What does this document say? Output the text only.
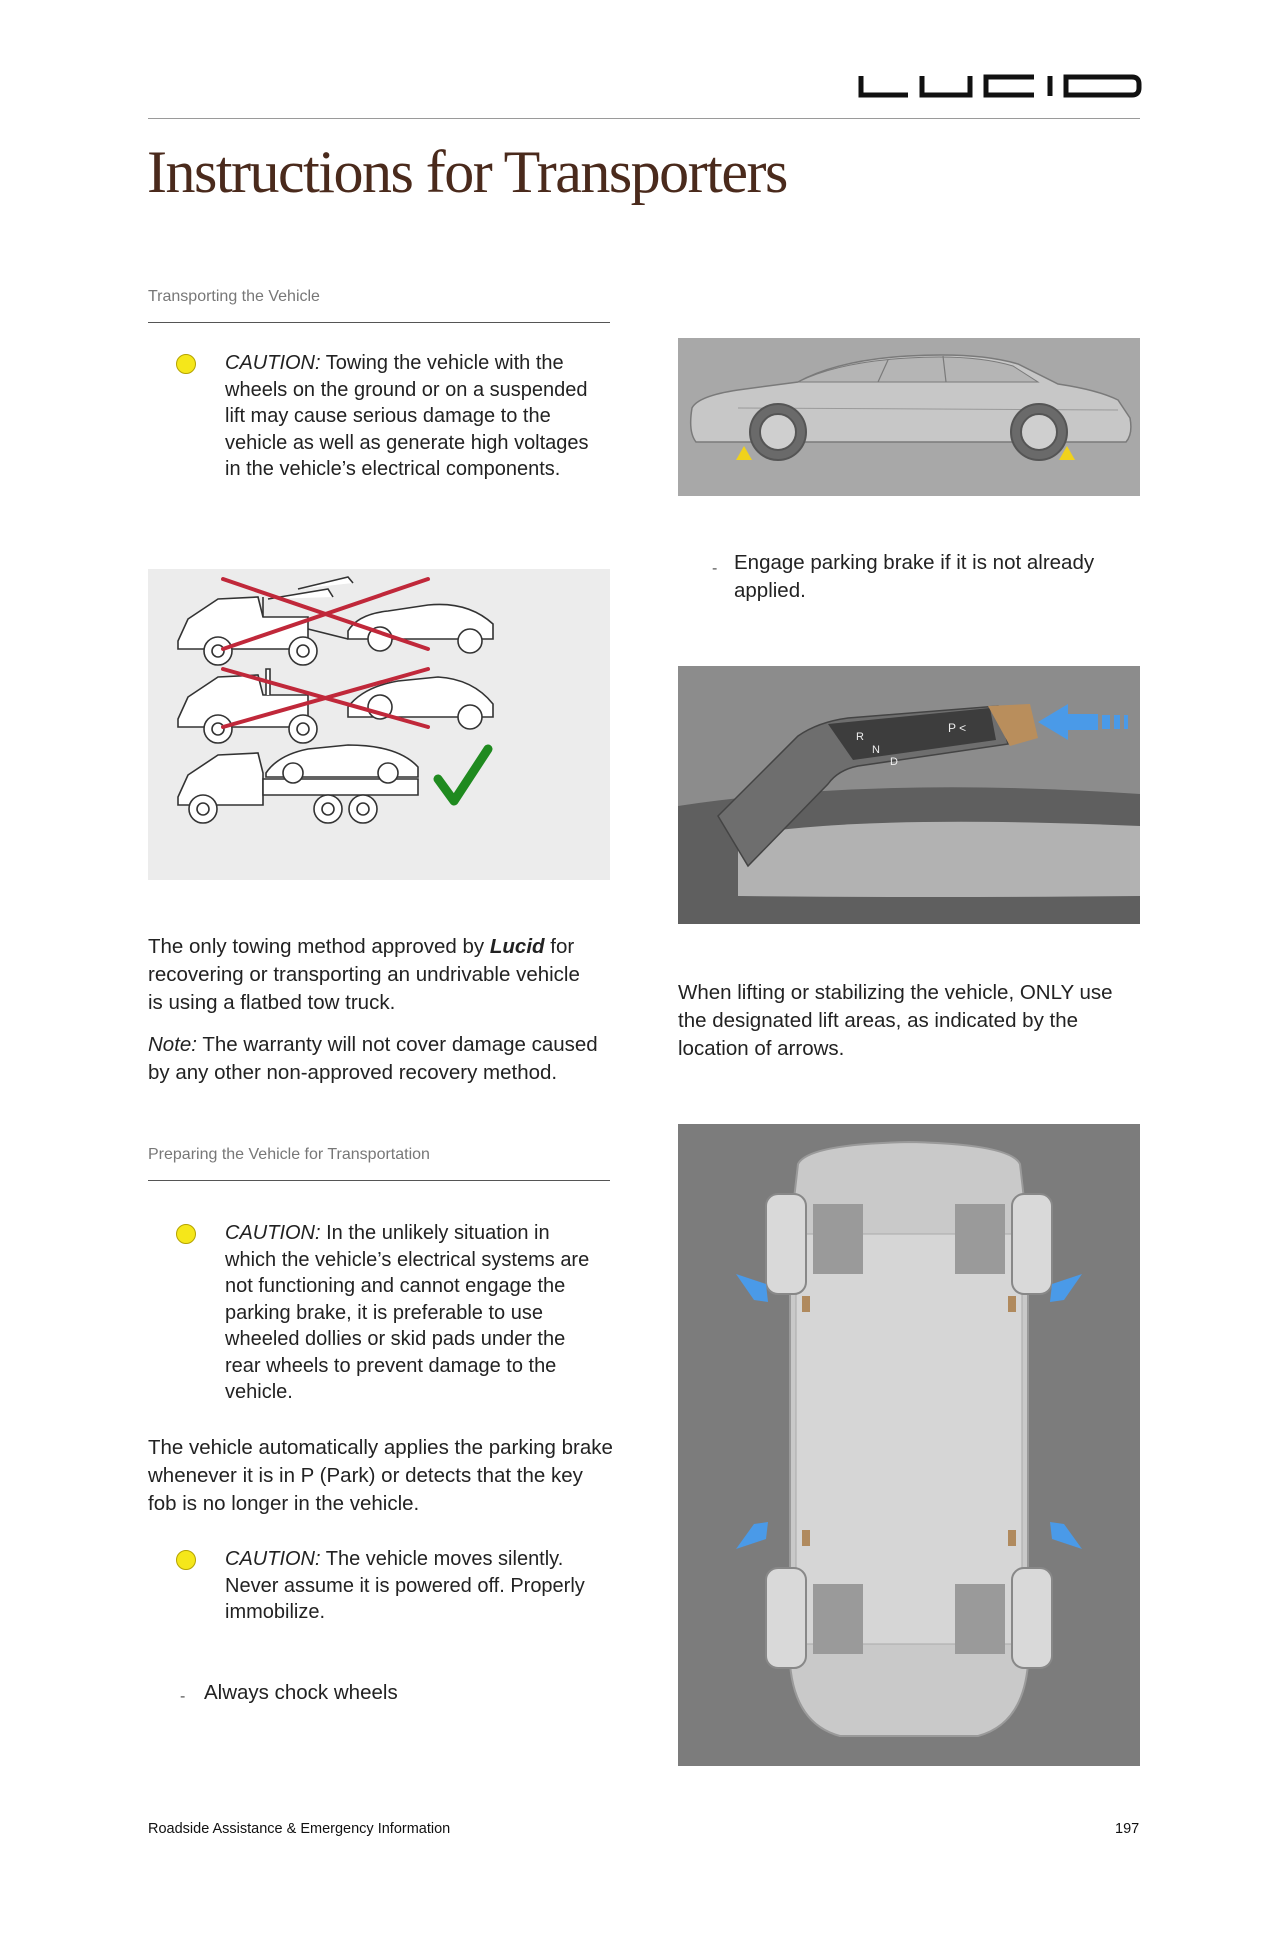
Instructions for Transporters
Transporting the Vehicle
CAUTION: Towing the vehicle with the wheels on the ground or on a suspended lift may cause serious damage to the vehicle as well as generate high voltages in the vehicle’s electrical components.
The only towing method approved by Lucid for recovering or transporting an undrivable vehicle is using a flatbed tow truck.
Note: The warranty will not cover damage caused by any other non-approved recovery method.
Preparing the Vehicle for Transportation
CAUTION: In the unlikely situation in which the vehicle’s electrical systems are not functioning and cannot engage the parking brake, it is preferable to use wheeled dollies or skid pads under the rear wheels to prevent damage to the vehicle.
The vehicle automatically applies the parking brake whenever it is in P (Park) or detects that the key fob is no longer in the vehicle.
CAUTION: The vehicle moves silently. Never assume it is powered off. Properly immobilize.
- Always chock wheels
- Engage parking brake if it is not already applied.
R
N
D
P <
When lifting or stabilizing the vehicle, ONLY use the designated lift areas, as indicated by the location of arrows.
Roadside Assistance & Emergency Information	197
